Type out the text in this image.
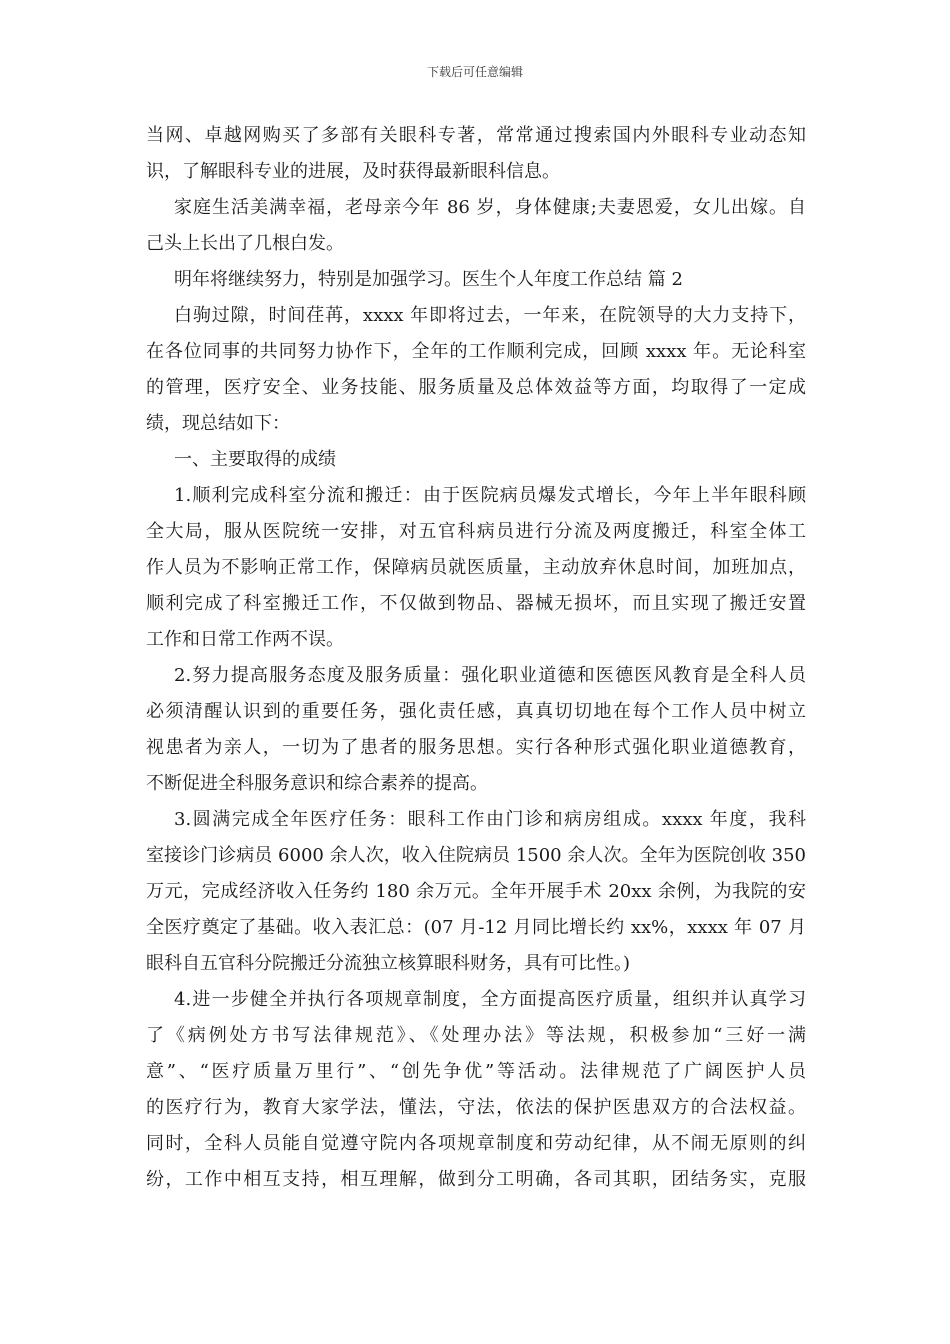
下载后可任意编辑
当网、卓越网购买了多部有关眼科专著，常常通过搜索国内外眼科专业动态知
识，了解眼科专业的进展，及时获得最新眼科信息。
家庭生活美满幸福，老母亲今年 86 岁，身体健康;夫妻恩爱，女儿出嫁。自
己头上长出了几根白发。
明年将继续努力，特别是加强学习。医生个人年度工作总结 篇 2
白驹过隙，时间荏苒，xxxx 年即将过去，一年来，在院领导的大力支持下，
在各位同事的共同努力协作下，全年的工作顺利完成，回顾 xxxx 年。无论科室
的管理，医疗安全、业务技能、服务质量及总体效益等方面，均取得了一定成
绩，现总结如下：
一、主要取得的成绩
1.顺利完成科室分流和搬迁：由于医院病员爆发式增长，今年上半年眼科顾
全大局，服从医院统一安排，对五官科病员进行分流及两度搬迁，科室全体工
作人员为不影响正常工作，保障病员就医质量，主动放弃休息时间，加班加点，
顺利完成了科室搬迁工作，不仅做到物品、器械无损坏，而且实现了搬迁安置
工作和日常工作两不误。
2.努力提高服务态度及服务质量：强化职业道德和医德医风教育是全科人员
必须清醒认识到的重要任务，强化责任感，真真切切地在每个工作人员中树立
视患者为亲人，一切为了患者的服务思想。实行各种形式强化职业道德教育，
不断促进全科服务意识和综合素养的提高。
3.圆满完成全年医疗任务：眼科工作由门诊和病房组成。xxxx 年度，我科
室接诊门诊病员 6000 余人次，收入住院病员 1500 余人次。全年为医院创收 350
万元，完成经济收入任务约 180 余万元。全年开展手术 20xx 余例，为我院的安
全医疗奠定了基础。收入表汇总：(07 月-12 月同比增长约 xx%，xxxx 年 07 月
眼科自五官科分院搬迁分流独立核算眼科财务，具有可比性。)
4.进一步健全并执行各项规章制度，全方面提高医疗质量，组织并认真学习
了《病例处方书写法律规范》、《处理办法》等法规，积极参加“三好一满
意”、“医疗质量万里行”、“创先争优”等活动。法律规范了广阔医护人员
的医疗行为，教育大家学法，懂法，守法，依法的保护医患双方的合法权益。
同时，全科人员能自觉遵守院内各项规章制度和劳动纪律，从不闹无原则的纠
纷，工作中相互支持，相互理解，做到分工明确，各司其职，团结务实，克服
